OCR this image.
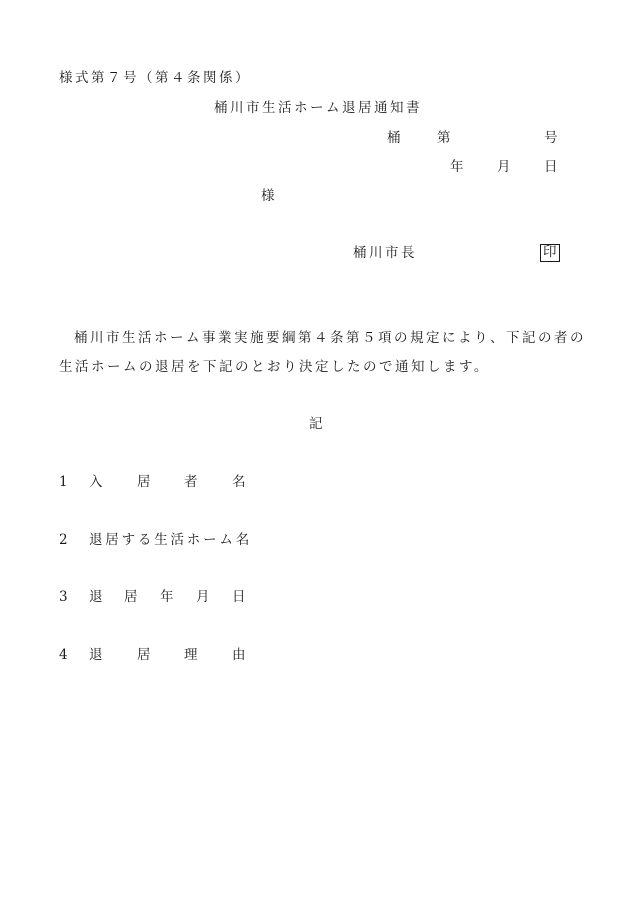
様式第７号（第４条関係）
桶川市生活ホーム退居通知書
桶	第	号
年 月 日
様
桶川市長	印
桶川市生活ホーム事業実施要綱第４条第５項の規定により、下記の者の
生活ホームの退居を下記のとおり決定したので通知します。
記
1 入	居 者	名
2 退居する生活ホーム名
3 退 居 年 月 日
4 退	居 理	由
